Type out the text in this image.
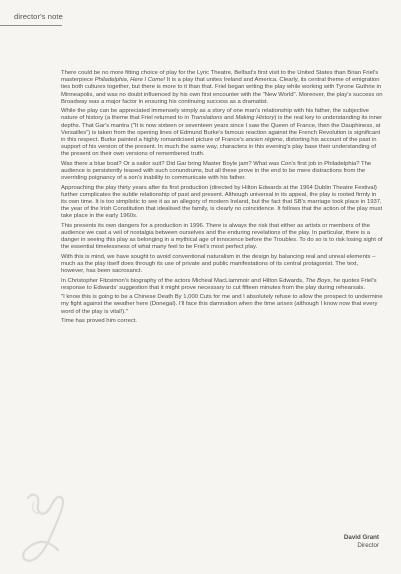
director's note

There could be no more fitting choice of play for the Lyric Theatre, Belfast's first visit to the United States than Brian Friel's masterpiece Philadelphia, Here I Come! It is a play that unites Ireland and America. Clearly, its central theme of emigration ties both cultures together, but there is more to it than that. Friel began writing the play while working with Tyrone Guthrie in Minneapolis, and was no doubt influenced by his own first encounter with the "New World". Moreover, the play's success on Broadway was a major factor in ensuring his continuing success as a dramatist.

While the play can be appreciated immensely simply as a story of one man's relationship with his father, the subjective nature of history (a theme that Friel returned to in Translations and Making History) is the real key to understanding its inner depths. That Gar's mantra ("It is now sixteen or seventeen years since I saw the Queen of France, then the Dauphiness, at Versailles") is taken from the opening lines of Edmund Burke's famous reaction against the French Revolution is significant in this respect. Burke painted a highly romanticised picture of France's ancien régime, distorting his account of the past in support of his version of the present. In much the same way, characters in this evening's play base their understanding of the present on their own versions of remembered truth.

Was there a blue boat? Or a sailor suit? Did Gar bring Master Boyle jam? What was Con's first job in Philadelphia? The audience is persistently teased with such conundrums, but all these prove in the end to be mere distractions from the overriding poignancy of a son's inability to communicate with his father.

Approaching the play thirty years after its first production (directed by Hilton Edwards at the 1964 Dublin Theatre Festival) further complicates the subtle relationship of past and present. Although universal in its appeal, the play is rooted firmly in its own time. It is too simplistic to see it as an allegory of modern Ireland, but the fact that SB's marriage took place in 1937, the year of the Irish Constitution that idealised the family, is clearly no coincidence. It follows that the action of the play must take place in the early 1960s.

This presents its own dangers for a production in 1996. There is always the risk that either as artists or members of the audience we cast a veil of nostalgia between ourselves and the enduring revelations of the play. In particular, there is a danger in seeing this play as belonging in a mythical age of innocence before the Troubles. To do so is to risk losing sight of the essential timelessness of what many feel to be Friel's most perfect play.

With this is mind, we have sought to avoid conventional naturalism in the design by balancing real and unreal elements – much as the play itself does through its use of private and public manifestations of its central protagonist. The text, however, has been sacrosanct.

In Christopher Fitzsimon's biography of the actors Micheal MacLiammoir and Hilton Edwards, The Boys, he quotes Friel's response to Edwards' suggestion that it might prove necessary to cut fifteen minutes from the play during rehearsals.

"I know this is going to be a Chinese Death By 1,000 Cuts for me and I absolutely refuse to allow the prospect to undermine my fight against the weather here (Donegal). I'll face this damnation when the time arises (although I know now that every word of the play is vital!)."

Time has proved him correct.

David Grant
Director
